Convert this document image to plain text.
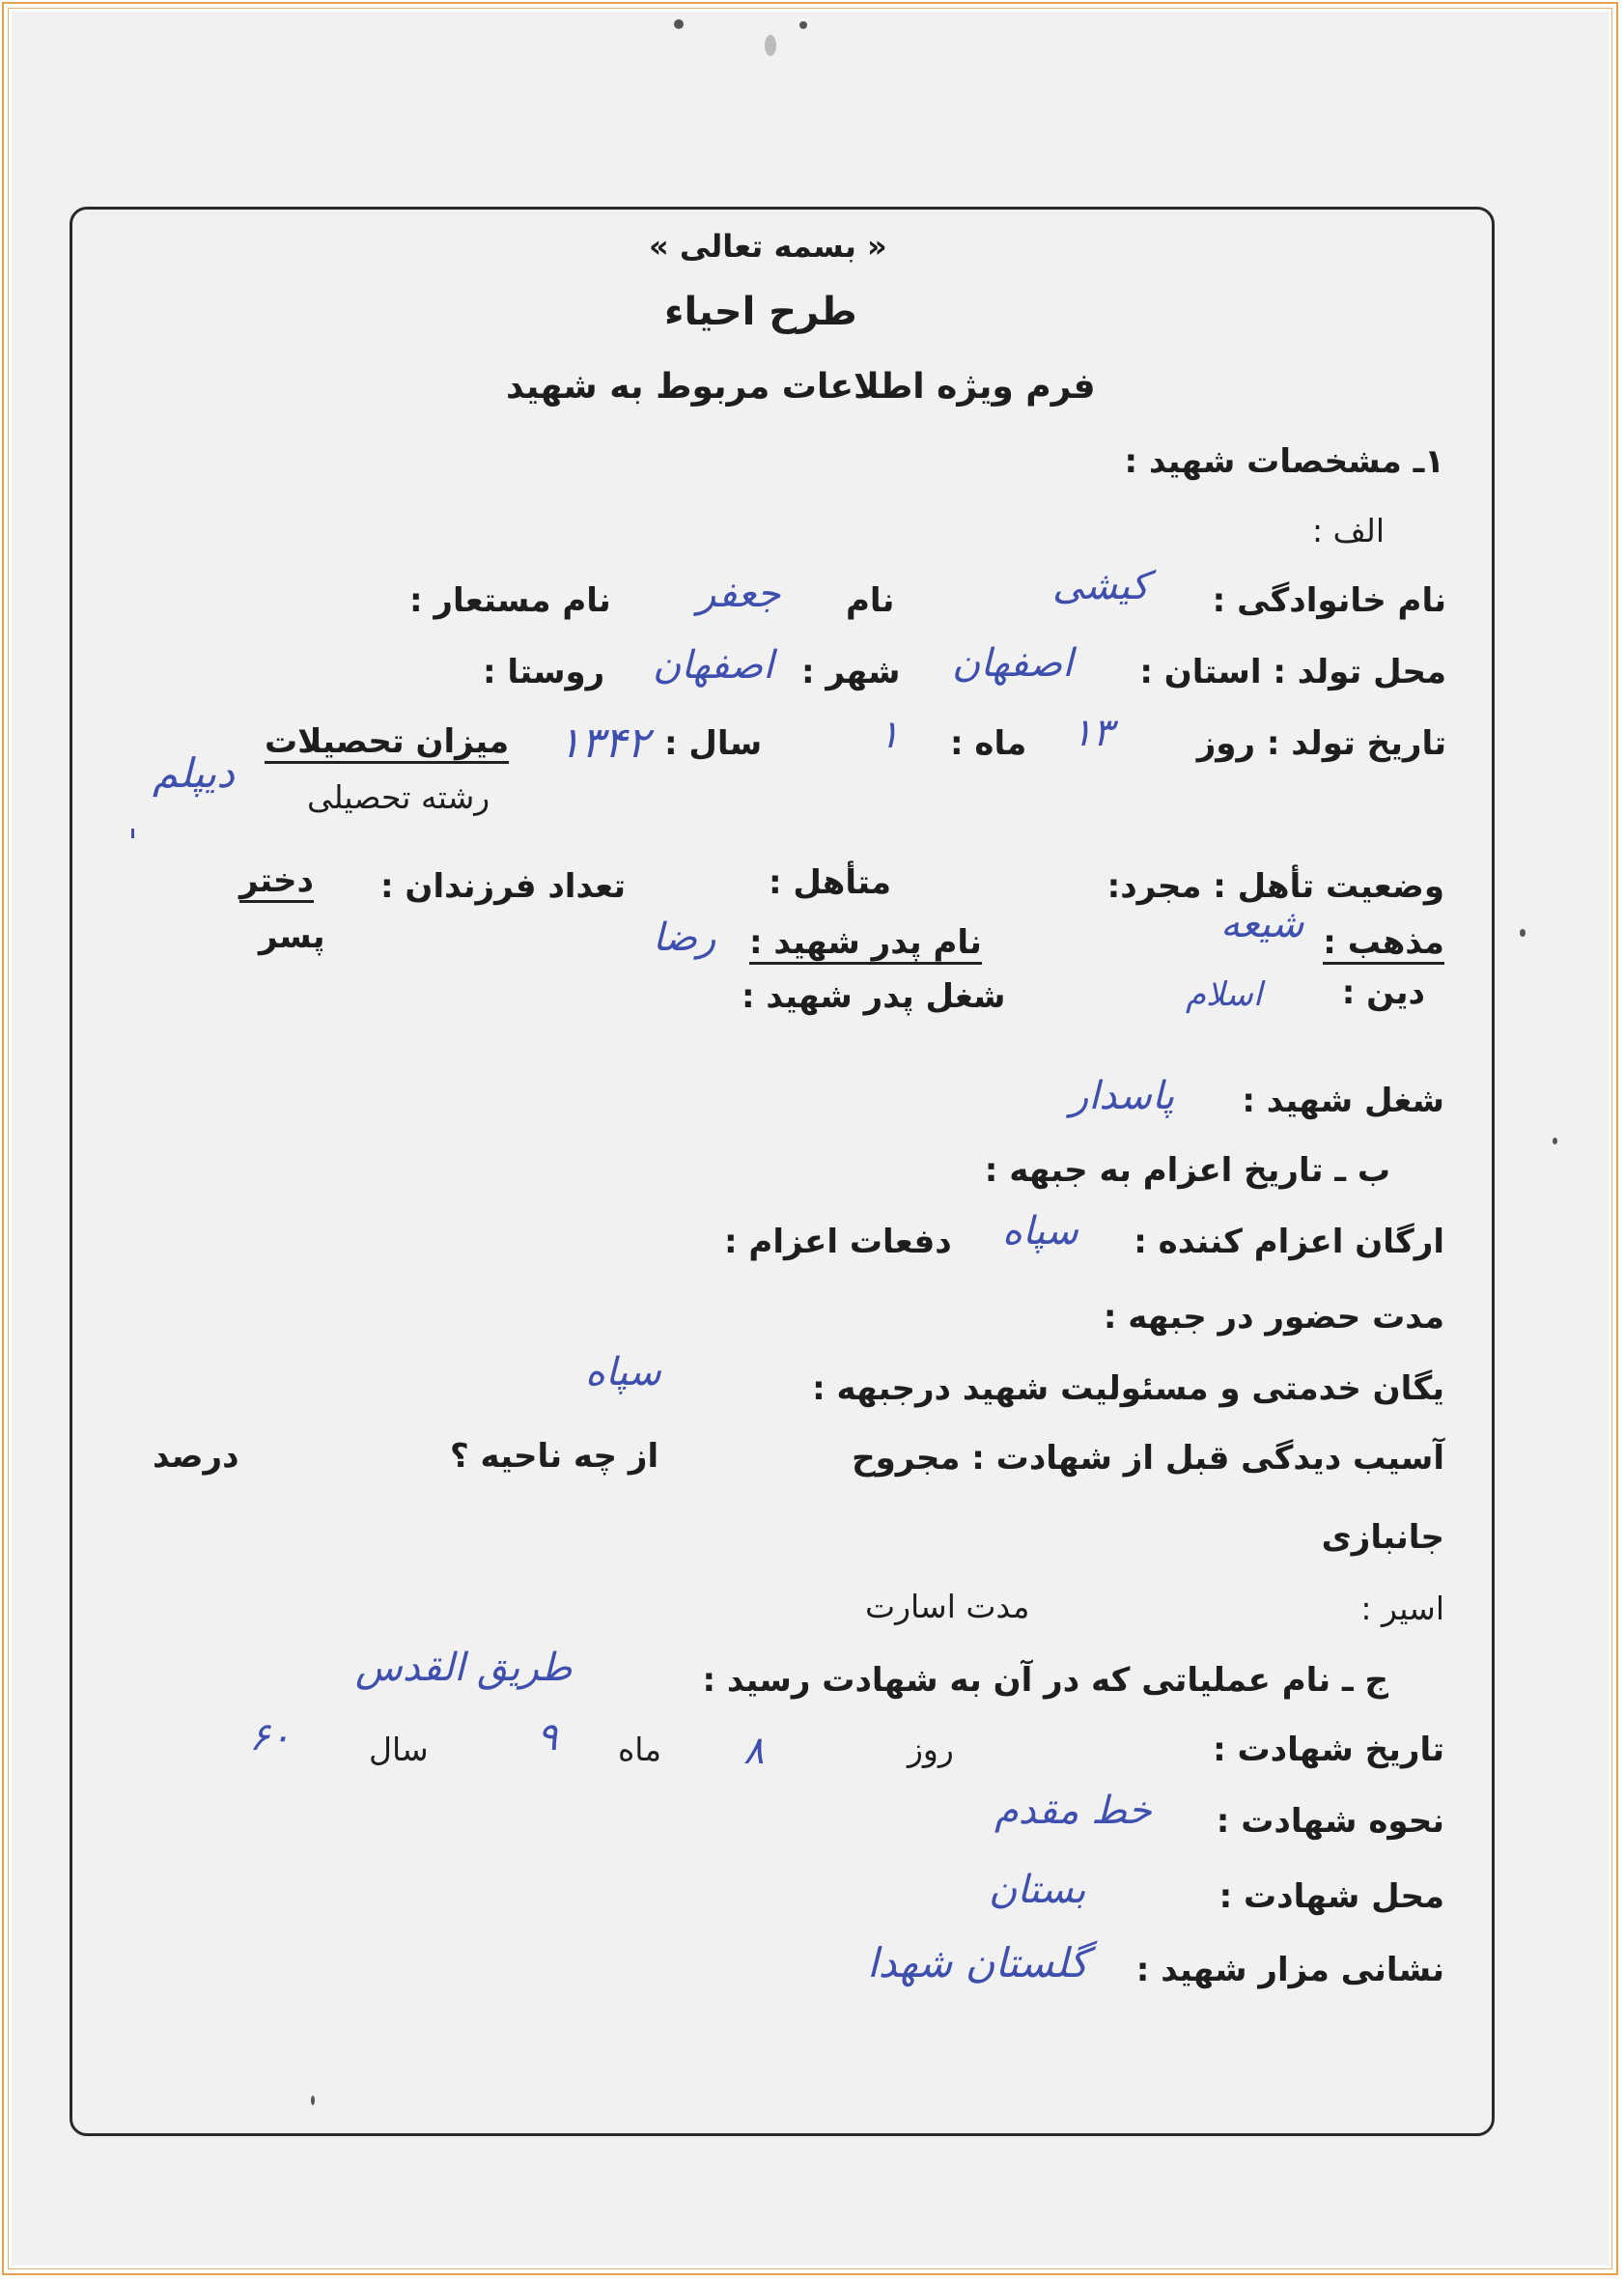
« بسمه تعالی »
طرح احیاء
فرم ویژه اطلاعات مربوط به شهید
۱ـ مشخصات شهید :
الف :
نام خانوادگی :
کیشی
نام
جعفر
نام مستعار :
محل تولد : استان :
اصفهان
شهر :
اصفهان
روستا :
تاریخ تولد : روز
۱۳
ماه :
۱
سال :
۱۳۴۲
میزان تحصیلات
رشته تحصیلی
دیپلم
وضعیت تأهل : مجرد:
متأهل :
تعداد فرزندان :
دختر
پسر	مذهب :
شیعه
نام پدر شهید :
رضا
دین :
اسلام
شغل پدر شهید :
شغل شهید :
پاسدار
ب ـ تاریخ اعزام به جبهه :
ارگان اعزام کننده :
سپاه
دفعات اعزام :
مدت حضور در جبهه :
یگان خدمتی و مسئولیت شهید درجبهه :
سپاه
آسیب دیدگی قبل از شهادت : مجروح
از چه ناحیه ؟
درصد
جانبازی
اسیر :
مدت اسارت
ج ـ نام عملیاتی که در آن به شهادت رسید :
طریق القدس
تاریخ شهادت :
روز
۸
ماه
۹
سال
۶۰
نحوه شهادت :
خط مقدم
محل شهادت :
بستان
نشانی مزار شهید :
گلستان شهدا
